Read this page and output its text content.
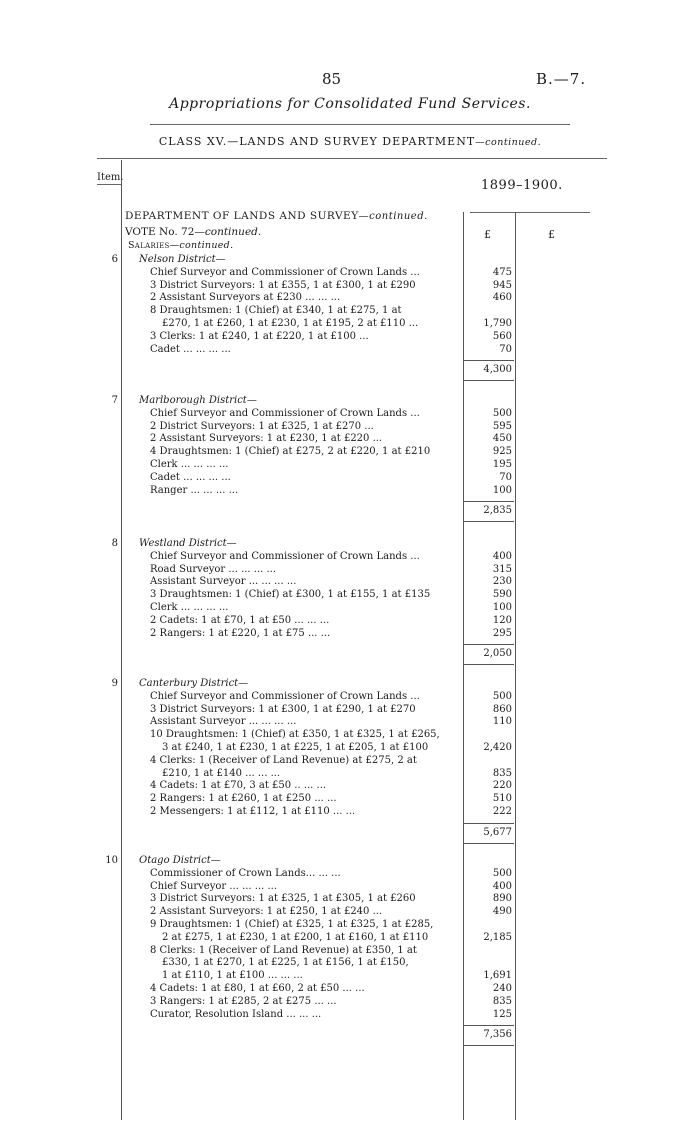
85	B.—7.
Appropriations for Consolidated Fund Services.
CLASS XV.—LANDS AND SURVEY DEPARTMENT—continued.
Item.
1899–1900.
DEPARTMENT OF LANDS AND SURVEY—continued.
VOTE No. 72—continued.	£	£
Salaries—continued.
6 Nelson District—
Chief Surveyor and Commissioner of Crown Lands ...	475
3 District Surveyors: 1 at £355, 1 at £300, 1 at £290	945
2 Assistant Surveyors at £230 ... ... ...	460
8 Draughtsmen: 1 (Chief) at £340, 1 at £275, 1 at
£270, 1 at £260, 1 at £230, 1 at £195, 2 at £110 ...	1,790
3 Clerks: 1 at £240, 1 at £220, 1 at £100 ...	560
Cadet ... ... ... ...	70
4,300
7 Marlborough District—
Chief Surveyor and Commissioner of Crown Lands ...	500
2 District Surveyors: 1 at £325, 1 at £270 ...	595
2 Assistant Surveyors: 1 at £230, 1 at £220 ...	450
4 Draughtsmen: 1 (Chief) at £275, 2 at £220, 1 at £210	925
Clerk ... ... ... ...	195
Cadet ... ... ... ...	70
Ranger ... ... ... ...	100
2,835
8 Westland District—
Chief Surveyor and Commissioner of Crown Lands ...	400
Road Surveyor ... ... ... ...	315
Assistant Surveyor ... ... ... ...	230
3 Draughtsmen: 1 (Chief) at £300, 1 at £155, 1 at £135	590
Clerk ... ... ... ...	100
2 Cadets: 1 at £70, 1 at £50 ... ... ...	120
2 Rangers: 1 at £220, 1 at £75 ... ...	295
2,050
9 Canterbury District—
Chief Surveyor and Commissioner of Crown Lands ...	500
3 District Surveyors: 1 at £300, 1 at £290, 1 at £270	860
Assistant Surveyor ... ... ... ...	110
10 Draughtsmen: 1 (Chief) at £350, 1 at £325, 1 at £265,
3 at £240, 1 at £230, 1 at £225, 1 at £205, 1 at £100	2,420
4 Clerks: 1 (Receiver of Land Revenue) at £275, 2 at
£210, 1 at £140 ... ... ...	835
4 Cadets: 1 at £70, 3 at £50 .. ... ...	220
2 Rangers: 1 at £260, 1 at £250 ... ...	510
2 Messengers: 1 at £112, 1 at £110 ... ...	222
5,677
10 Otago District—
Commissioner of Crown Lands... ... ...	500
Chief Surveyor ... ... ... ...	400
3 District Surveyors: 1 at £325, 1 at £305, 1 at £260	890
2 Assistant Surveyors: 1 at £250, 1 at £240 ...	490
9 Draughtsmen: 1 (Chief) at £325, 1 at £325, 1 at £285,
2 at £275, 1 at £230, 1 at £200, 1 at £160, 1 at £110	2,185
8 Clerks: 1 (Receiver of Land Revenue) at £350, 1 at
£330, 1 at £270, 1 at £225, 1 at £156, 1 at £150,
1 at £110, 1 at £100 ... ... ...	1,691
4 Cadets: 1 at £80, 1 at £60, 2 at £50 ... ...	240
3 Rangers: 1 at £285, 2 at £275 ... ...	835
Curator, Resolution Island ... ... ...	125
7,356
